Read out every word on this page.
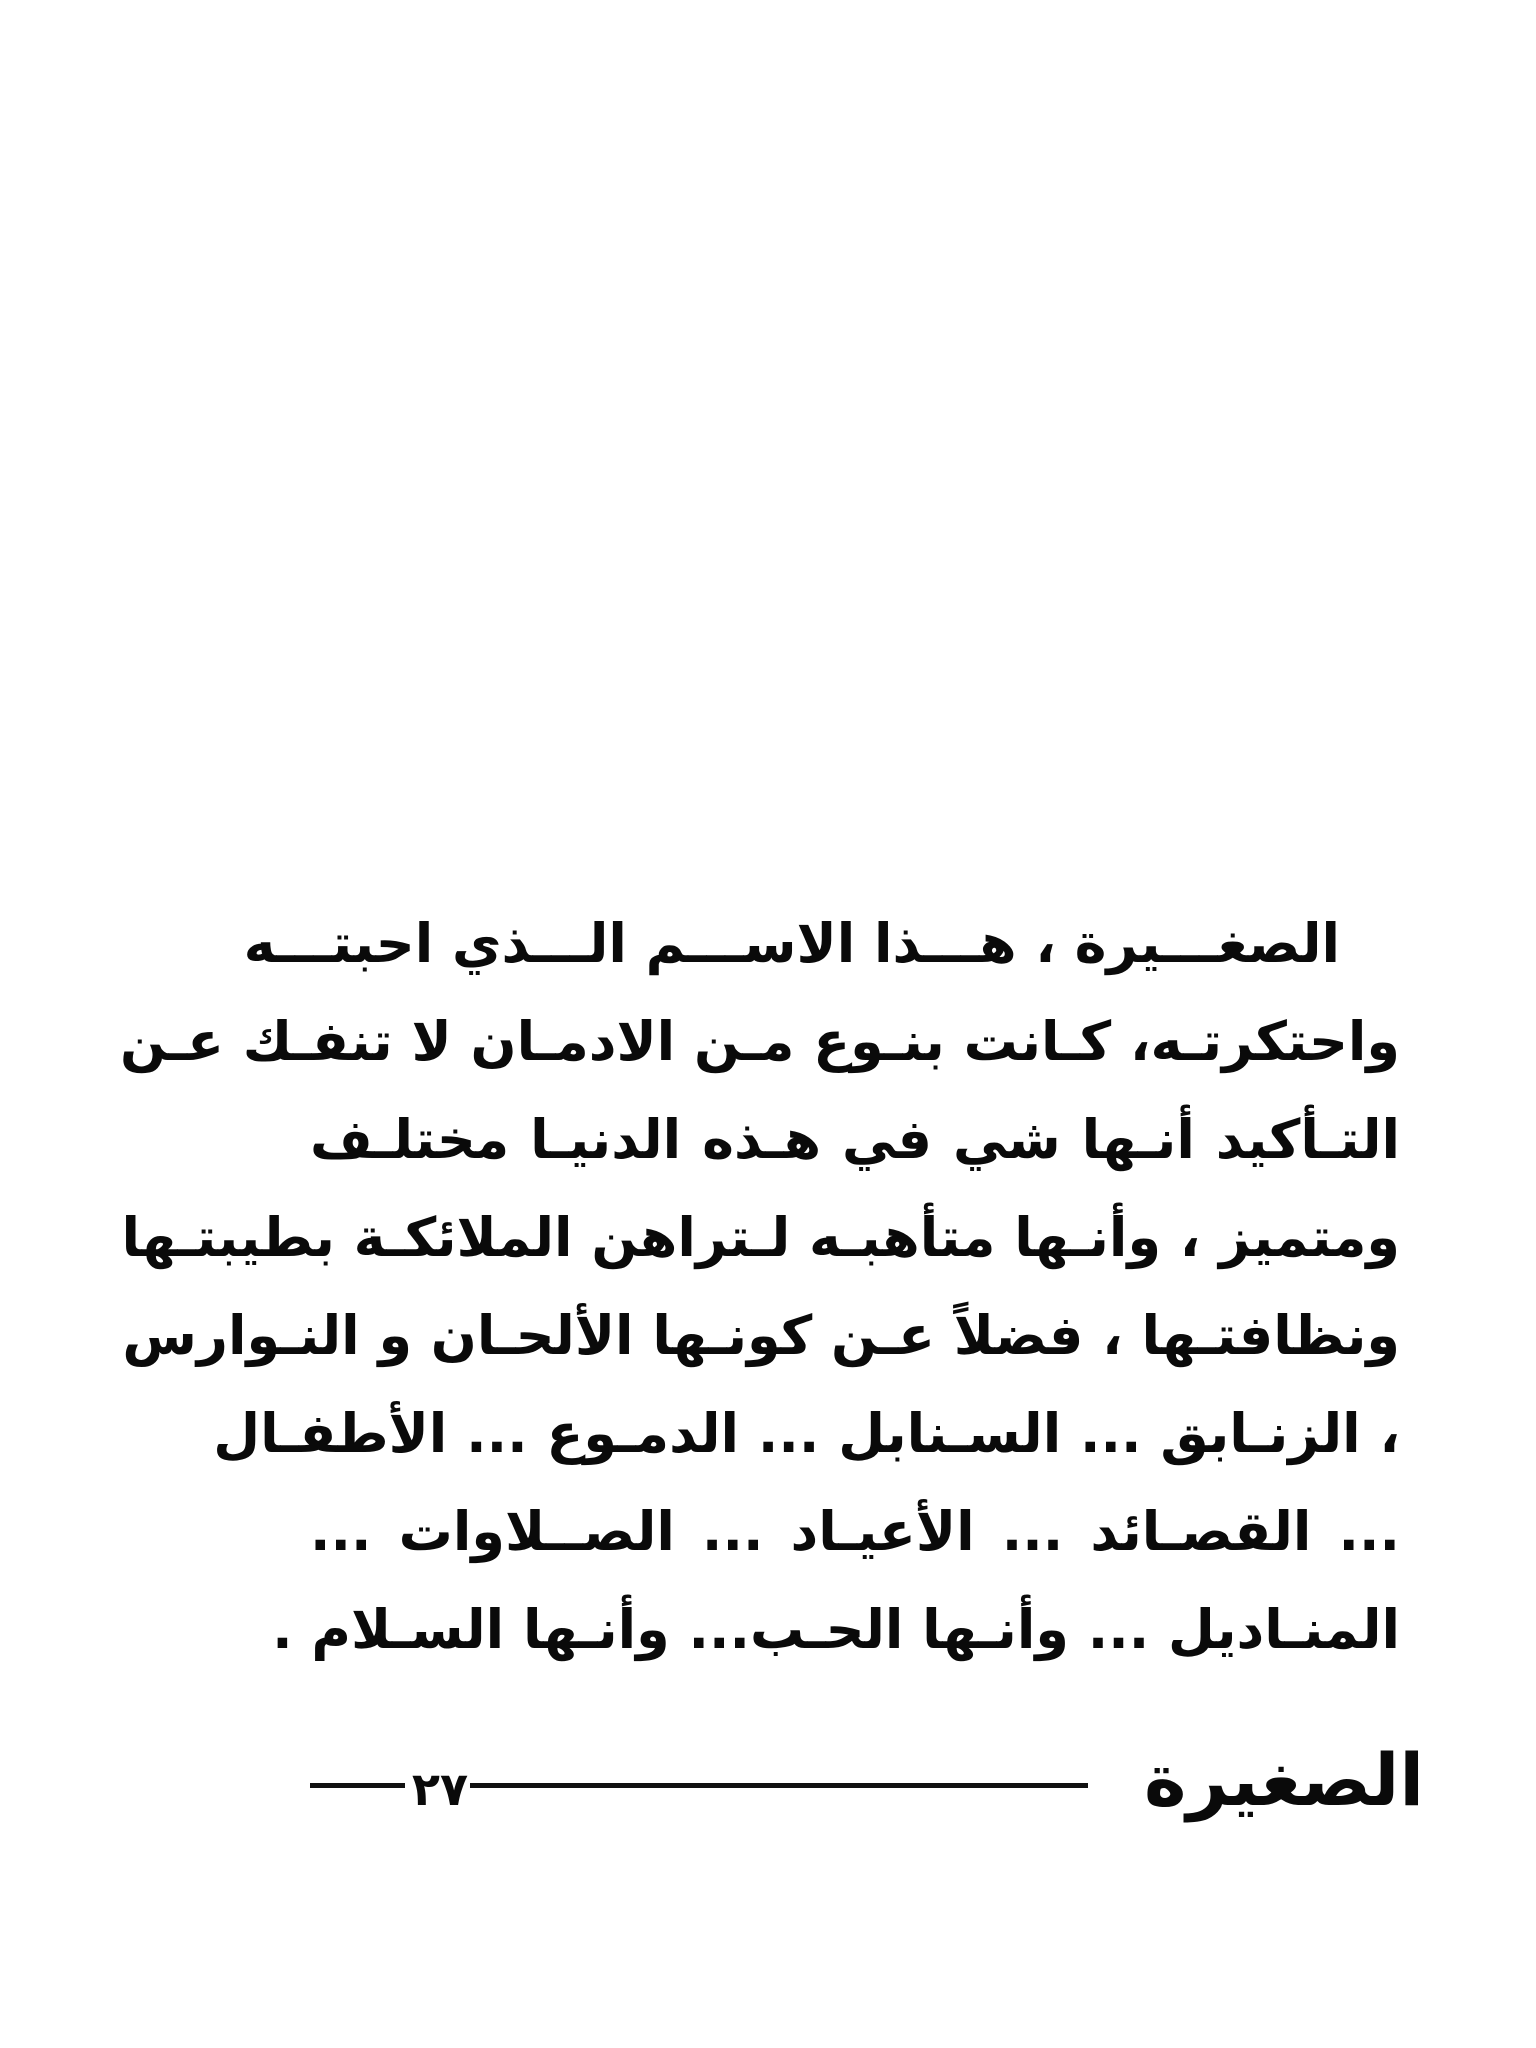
الصغـــيرة ، هـــذا الاســـم الـــذي احبتـــه
واحتكرتـه، كـانت بنـوع مـن الادمـان لا تنفـك عـن
التـأكيد أنـها شي في هـذه الدنيـا مختلـف
ومتميز ، وأنـها متأهبـه لـتراهن الملائكـة بطيبتـها
ونظافتـها ، فضلاً عـن كونـها الألحـان و النـوارس
، الزنـابق ... السـنابل ... الدمـوع ... الأطفـال
... القصـائد ... الأعيـاد ... الصــلاوات ...
المنـاديل ... وأنـها الحـب... وأنـها السـلام .
الصغيرة
٢٧
